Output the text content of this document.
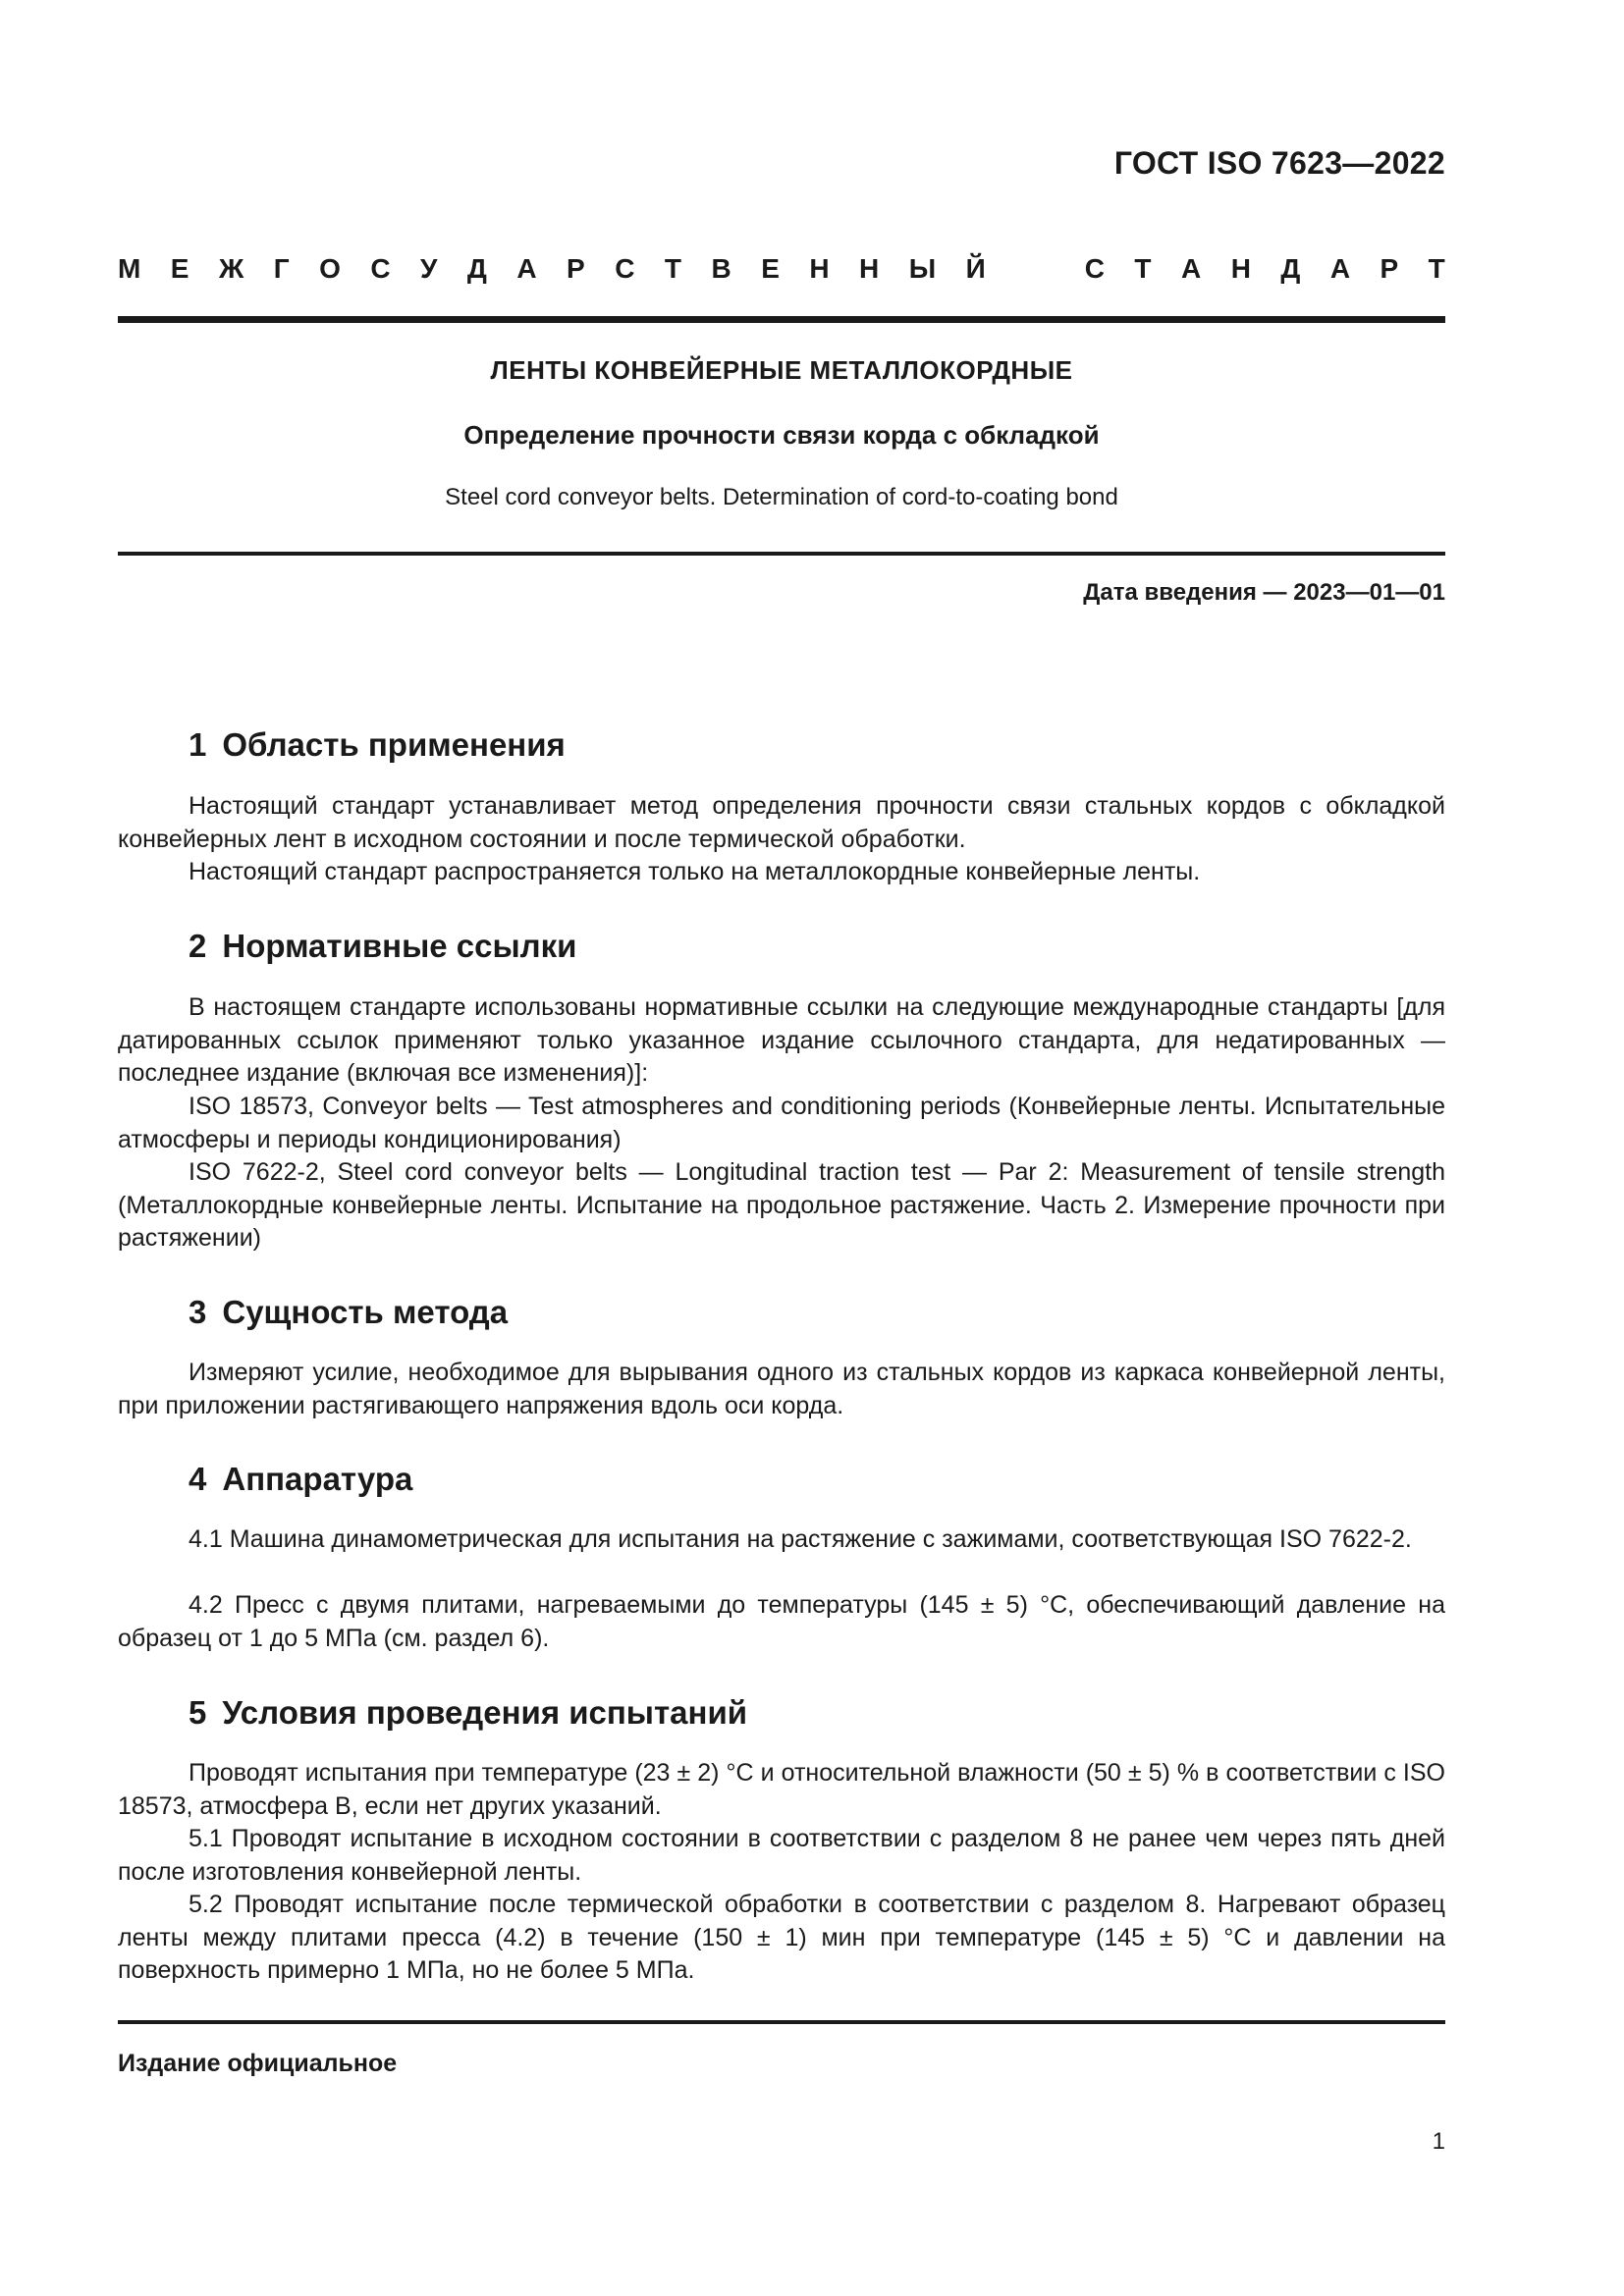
ГОСТ ISO 7623—2022
М Е Ж Г О С У Д А Р С Т В Е Н Н Ы Й	С Т А Н Д А Р Т
ЛЕНТЫ КОНВЕЙЕРНЫЕ МЕТАЛЛОКОРДНЫЕ
Определение прочности связи корда с обкладкой
Steel cord conveyor belts. Determination of cord-to-coating bond
Дата введения — 2023—01—01
1 Область применения

Настоящий стандарт устанавливает метод определения прочности связи стальных кордов с обкладкой конвейерных лент в исходном состоянии и после термической обработки.

Настоящий стандарт распространяется только на металлокордные конвейерные ленты.

2 Нормативные ссылки

В настоящем стандарте использованы нормативные ссылки на следующие международные стандарты [для датированных ссылок применяют только указанное издание ссылочного стандарта, для недатированных — последнее издание (включая все изменения)]:

ISO 18573, Conveyor belts — Test atmospheres and conditioning periods (Конвейерные ленты. Испытательные атмосферы и периоды кондиционирования)

ISO 7622-2, Steel cord conveyor belts — Longitudinal traction test — Par 2: Measurement of tensile strength (Металлокордные конвейерные ленты. Испытание на продольное растяжение. Часть 2. Измерение прочности при растяжении)

3 Сущность метода

Измеряют усилие, необходимое для вырывания одного из стальных кордов из каркаса конвейерной ленты, при приложении растягивающего напряжения вдоль оси корда.

4 Аппаратура

4.1 Машина динамометрическая для испытания на растяжение с зажимами, соответствующая ISO 7622-2.

4.2 Пресс с двумя плитами, нагреваемыми до температуры (145 ± 5) °С, обеспечивающий давление на образец от 1 до 5 МПа (см. раздел 6).

5 Условия проведения испытаний

Проводят испытания при температуре (23 ± 2) °С и относительной влажности (50 ± 5) % в соответствии с ISO 18573, атмосфера В, если нет других указаний.

5.1 Проводят испытание в исходном состоянии в соответствии с разделом 8 не ранее чем через пять дней после изготовления конвейерной ленты.

5.2 Проводят испытание после термической обработки в соответствии с разделом 8. Нагревают образец ленты между плитами пресса (4.2) в течение (150 ± 1) мин при температуре (145 ± 5) °С и давлении на поверхность примерно 1 МПа, но не более 5 МПа.

Издание официальное
1
